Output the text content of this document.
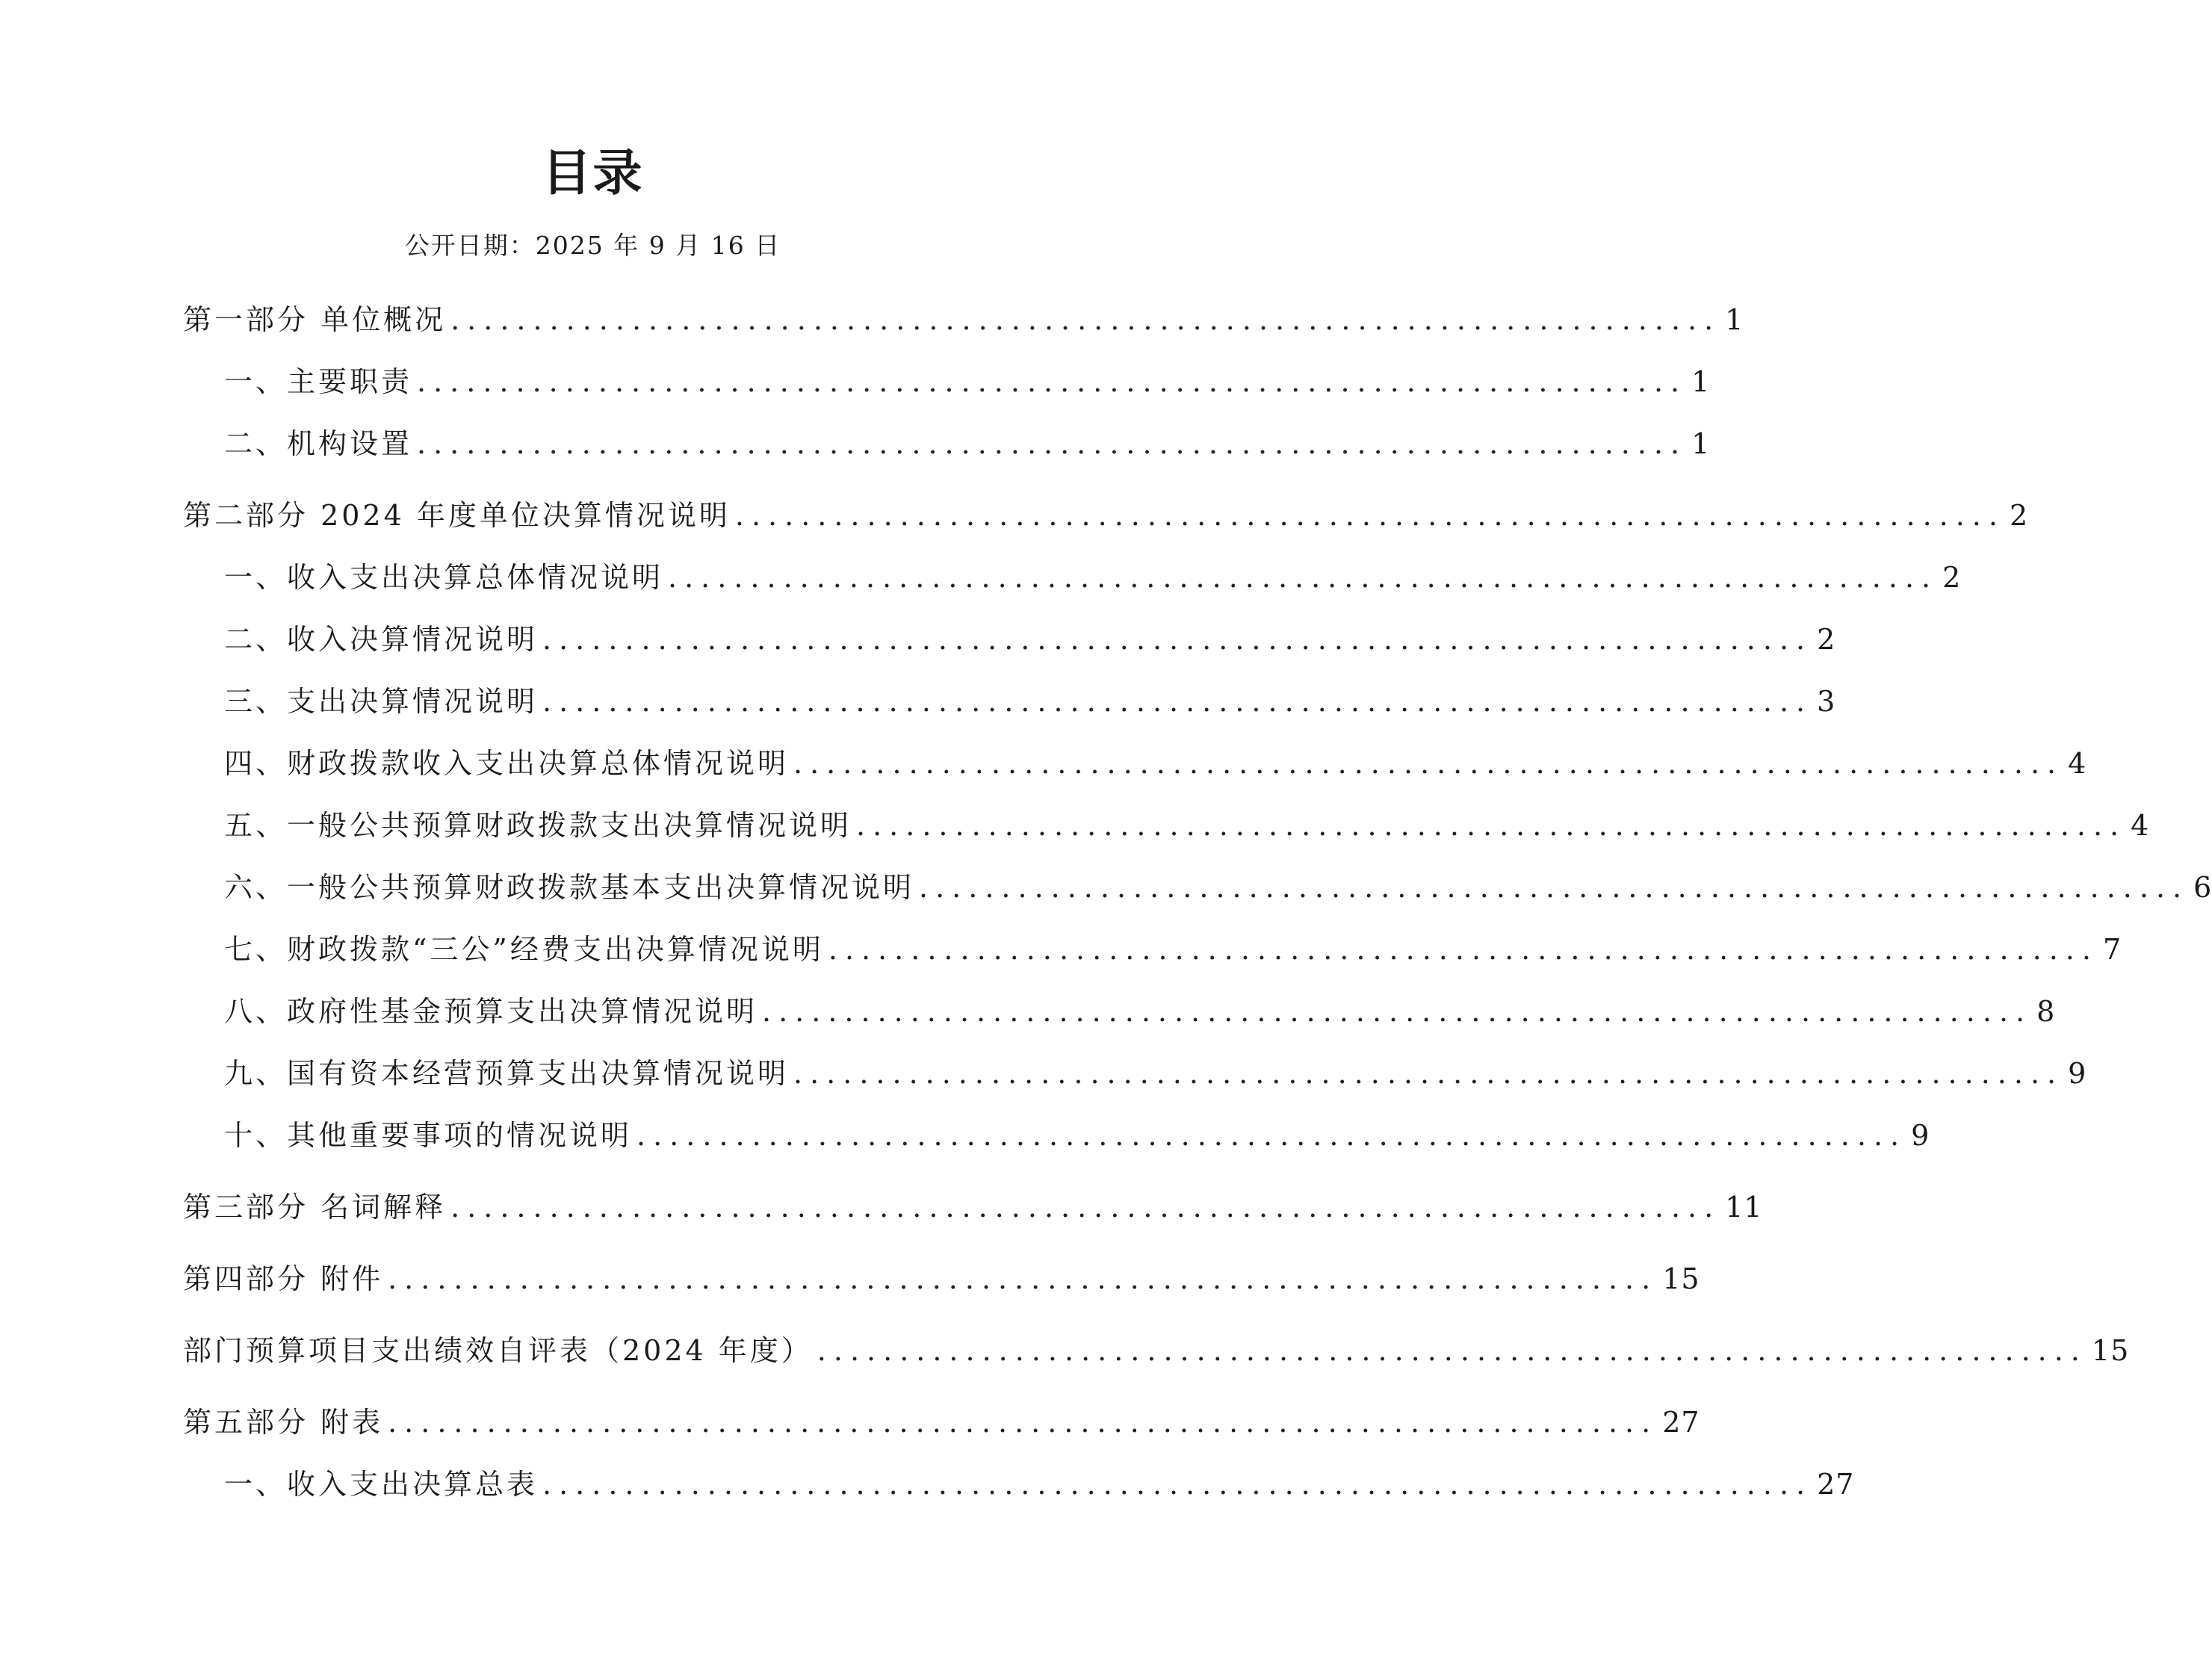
目录
公开日期：2025 年 9 月 16 日
第一部分 单位概况 ............................................................................. 1
一、主要职责 ............................................................................. 1
二、机构设置 ............................................................................. 1
第二部分 2024 年度单位决算情况说明 ............................................................................. 2
一、收入支出决算总体情况说明 ............................................................................. 2
二、收入决算情况说明 ............................................................................. 2
三、支出决算情况说明 ............................................................................. 3
四、财政拨款收入支出决算总体情况说明 ............................................................................. 4
五、一般公共预算财政拨款支出决算情况说明 ............................................................................. 4
六、一般公共预算财政拨款基本支出决算情况说明 ............................................................................. 6
七、财政拨款“三公”经费支出决算情况说明 ............................................................................. 7
八、政府性基金预算支出决算情况说明 ............................................................................. 8
九、国有资本经营预算支出决算情况说明 ............................................................................. 9
十、其他重要事项的情况说明 ............................................................................. 9
第三部分 名词解释 ............................................................................. 11
第四部分 附件 ............................................................................. 15
部门预算项目支出绩效自评表（2024 年度） ............................................................................. 15
第五部分 附表 ............................................................................. 27
一、收入支出决算总表 ............................................................................. 27
